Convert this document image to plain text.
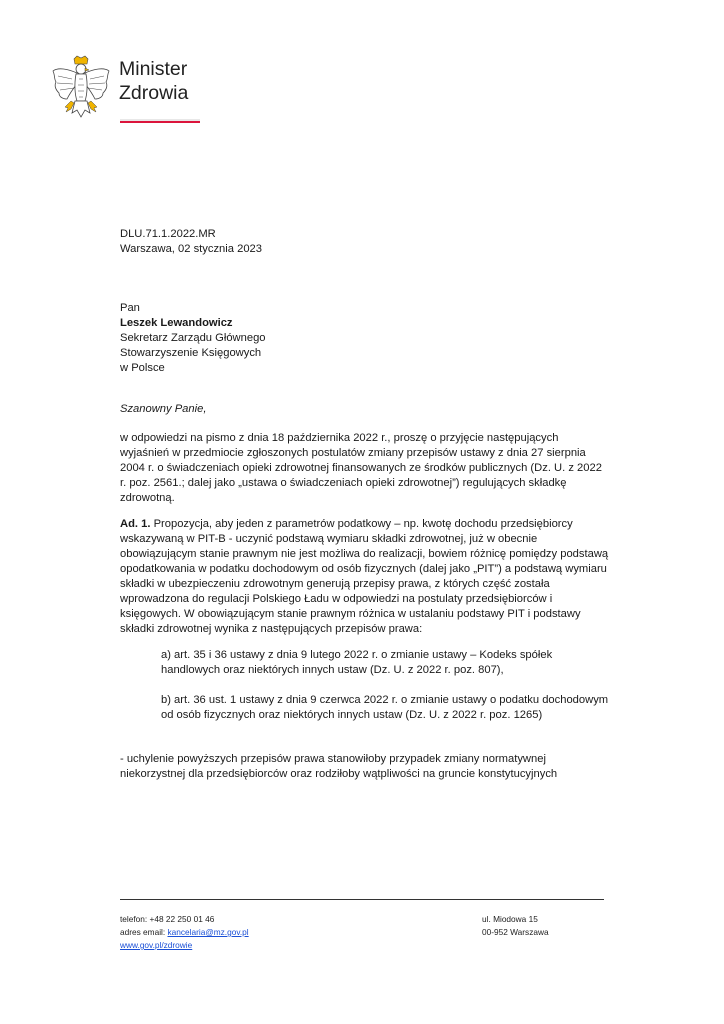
Minister
Zdrowia
DLU.71.1.2022.MR
Warszawa, 02 stycznia 2023
Pan
Leszek Lewandowicz
Sekretarz Zarządu Głównego
Stowarzyszenie Księgowych
w Polsce

Szanowny Panie,

w odpowiedzi na pismo z dnia 18 października 2022 r., proszę o przyjęcie następujących wyjaśnień w przedmiocie zgłoszonych postulatów zmiany przepisów ustawy z dnia 27 sierpnia 2004 r. o świadczeniach opieki zdrowotnej finansowanych ze środków publicznych (Dz. U. z 2022 r. poz. 2561.; dalej jako „ustawa o świadczeniach opieki zdrowotnej”) regulujących składkę zdrowotną.

Ad. 1. Propozycja, aby jeden z parametrów podatkowy – np. kwotę dochodu przedsiębiorcy wskazywaną w PIT-B - uczynić podstawą wymiaru składki zdrowotnej, już w obecnie obowiązującym stanie prawnym nie jest możliwa do realizacji, bowiem różnicę pomiędzy podstawą opodatkowania w podatku dochodowym od osób fizycznych (dalej jako „PIT”) a podstawą wymiaru składki w ubezpieczeniu zdrowotnym generują przepisy prawa, z których część została wprowadzona do regulacji Polskiego Ładu w odpowiedzi na postulaty przedsiębiorców i księgowych. W obowiązującym stanie prawnym różnica w ustalaniu podstawy PIT i podstawy składki zdrowotnej wynika z następujących przepisów prawa:

a) art. 35 i 36 ustawy z dnia 9 lutego 2022 r. o zmianie ustawy – Kodeks spółek handlowych oraz niektórych innych ustaw (Dz. U. z 2022 r. poz. 807),

b) art. 36 ust. 1 ustawy z dnia 9 czerwca 2022 r. o zmianie ustawy o podatku dochodowym od osób fizycznych oraz niektórych innych ustaw (Dz. U. z 2022 r. poz. 1265)

- uchylenie powyższych przepisów prawa stanowiłoby przypadek zmiany normatywnej niekorzystnej dla przedsiębiorców oraz rodziłoby wątpliwości na gruncie konstytucyjnych

telefon: +48 22 250 01 46
adres email: kancelaria@mz.gov.pl
www.gov.pl/zdrowie
ul. Miodowa 15
00-952 Warszawa
